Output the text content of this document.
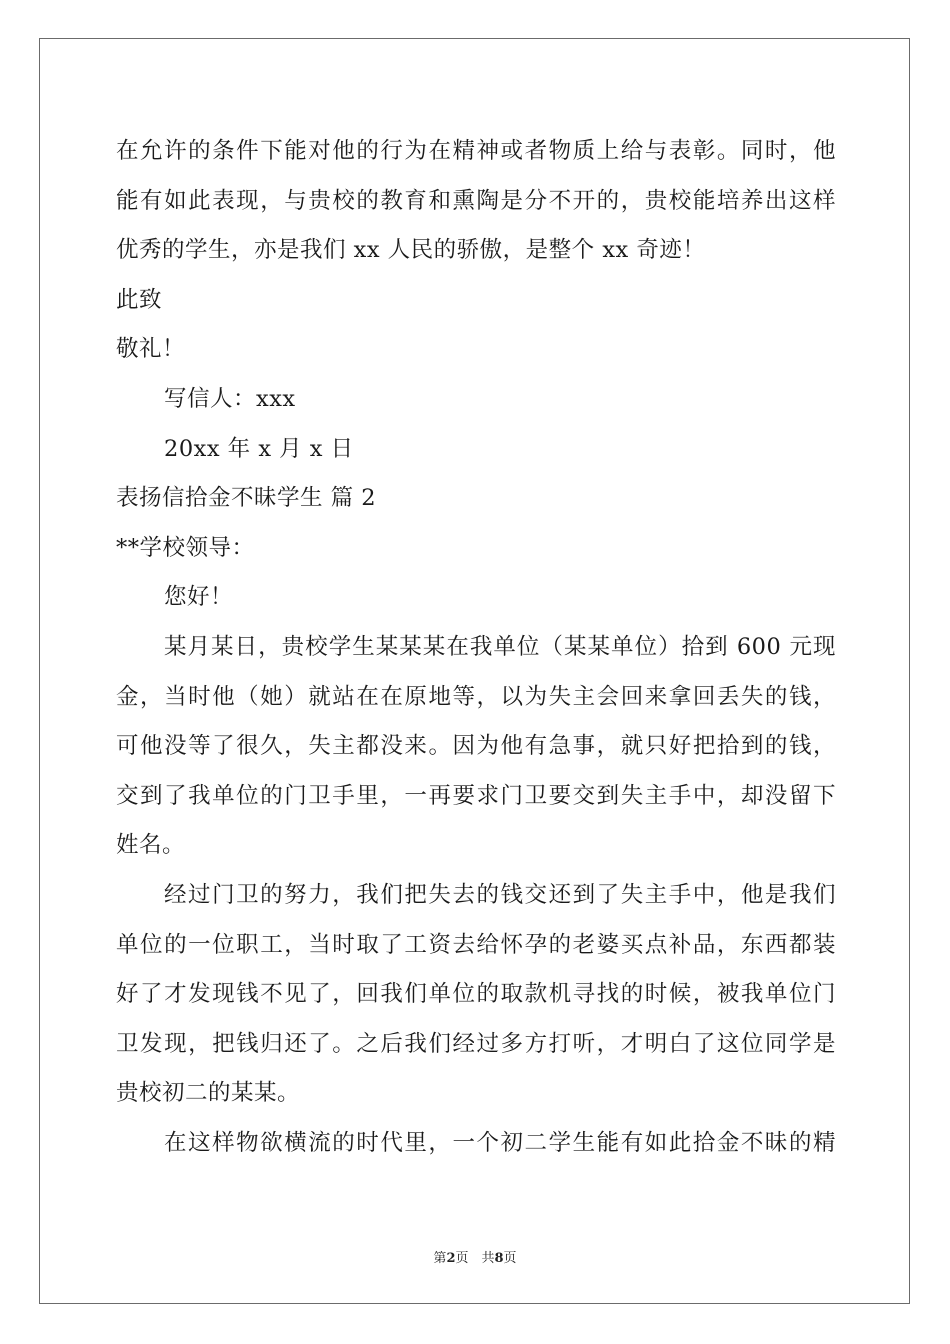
在允许的条件下能对他的行为在精神或者物质上给与表彰。同时，他
能有如此表现，与贵校的教育和熏陶是分不开的，贵校能培养出这样
优秀的学生，亦是我们 xx 人民的骄傲，是整个 xx 奇迹！
此致
敬礼！
写信人：xxx
20xx 年 x 月 x 日
表扬信拾金不昧学生 篇 2
**学校领导：
您好！
某月某日，贵校学生某某某在我单位（某某单位）拾到 600 元现
金，当时他（她）就站在在原地等，以为失主会回来拿回丢失的钱，
可他没等了很久，失主都没来。因为他有急事，就只好把拾到的钱，
交到了我单位的门卫手里，一再要求门卫要交到失主手中，却没留下
姓名。
经过门卫的努力，我们把失去的钱交还到了失主手中，他是我们
单位的一位职工，当时取了工资去给怀孕的老婆买点补品，东西都装
好了才发现钱不见了，回我们单位的取款机寻找的时候，被我单位门
卫发现，把钱归还了。之后我们经过多方打听，才明白了这位同学是
贵校初二的某某。
在这样物欲横流的时代里，一个初二学生能有如此拾金不昧的精
第2页　共8页
